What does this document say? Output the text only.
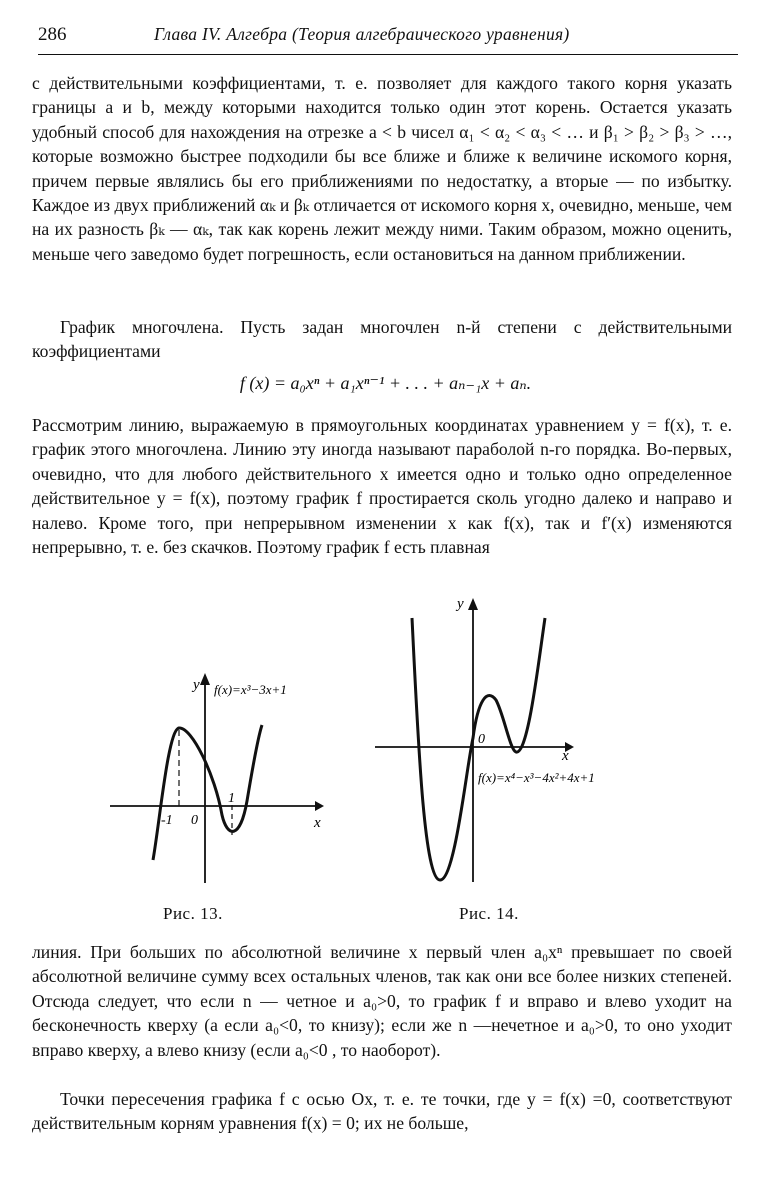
286	Глава IV. Алгебра (Теория алгебраического уравнения)

с действительными коэффициентами, т. е. позволяет для каждого такого корня указать границы a и b, между которыми находится только один этот корень. Остается указать удобный способ для нахождения на отрезке a < b чисел α₁ < α₂ < α₃ < … и β₁ > β₂ > β₃ > …, которые возможно быстрее подходили бы все ближе и ближе к величине искомого корня, причем первые являлись бы его приближениями по недостатку, а вторые — по избытку. Каждое из двух приближений αₖ и βₖ отличается от искомого корня x, очевидно, меньше, чем на их разность βₖ — αₖ, так как корень лежит между ними. Таким образом, можно оценить, меньше чего заведомо будет погрешность, если остановиться на данном приближении.

График многочлена. Пусть задан многочлен n-й степени с действительными коэффициентами

f (x) = a₀xⁿ + a₁xⁿ⁻¹ + . . . + aₙ₋₁x + aₙ.

Рассмотрим линию, выражаемую в прямоугольных координатах уравнением y = f(x), т. е. график этого многочлена. Линию эту иногда называют параболой n-го порядка. Во-первых, очевидно, что для любого действительного x имеется одно и только одно определенное действительное y = f(x), поэтому график f простирается сколь угодно далеко и направо и налево. Кроме того, при непрерывном изменении x как f(x), так и f′(x) изменяются непрерывно, т. е. без скачков. Поэтому график f есть плавная

y f(x)=x³−3x+1
x
-1 0
1
Рис. 13.
y
0
x
f(x)=x⁴−x³−4x²+4x+1
Рис. 14.

линия. При больших по абсолютной величине x первый член a₀xⁿ превышает по своей абсолютной величине сумму всех остальных членов, так как они все более низких степеней. Отсюда следует, что если n — четное и a₀>0, то график f и вправо и влево уходит на бесконечность кверху (а если a₀<0, то книзу); если же n —нечетное и a₀>0, то оно уходит вправо кверху, а влево книзу (если a₀<0 , то наоборот).

Точки пересечения графика f с осью Ox, т. е. те точки, где y = f(x) =0, соответствуют действительным корням уравнения f(x) = 0; их не больше,
